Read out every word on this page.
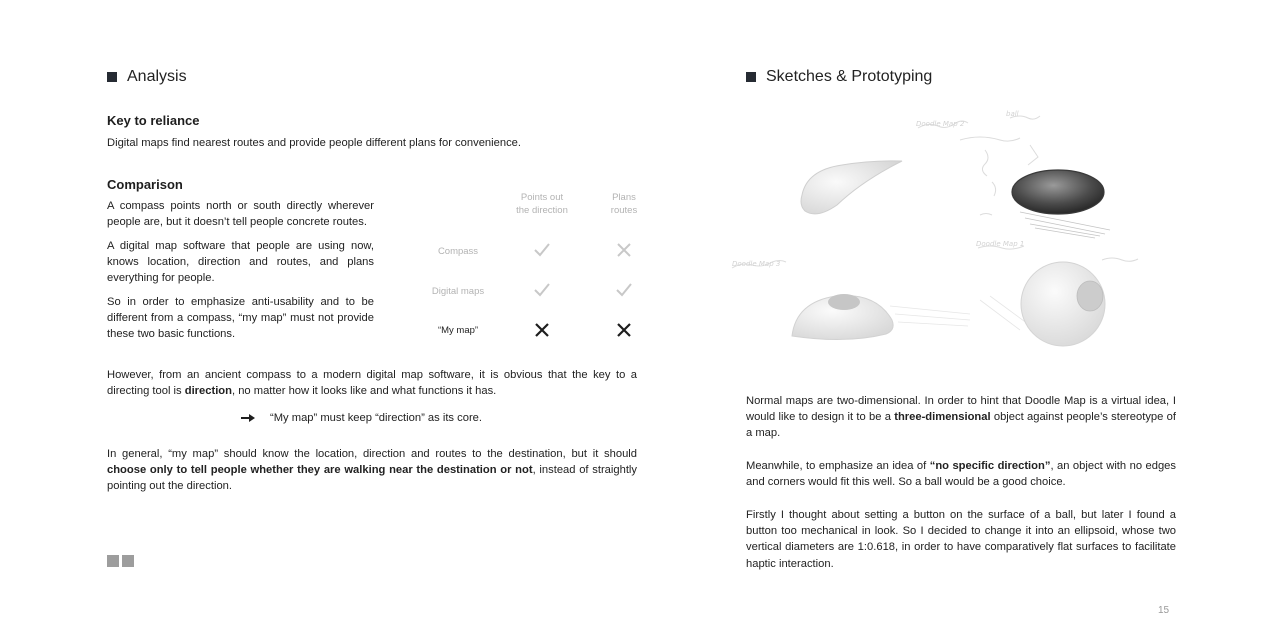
Analysis
Key to reliance
Digital maps find nearest routes and provide people different plans for convenience.
Comparison
A compass points north or south directly wherever people are, but it doesn’t tell people concrete routes.
A digital map software that people are using now, knows location, direction and routes, and plans everything for people.
So in order to emphasize anti-usability and to be different from a compass, “my map” must not provide these two basic functions.
Points out
the direction
Plans
routes
Compass
Digital maps
“My map”
However, from an ancient compass to a modern digital map software, it is obvious that the key to a directing tool is direction, no matter how it looks like and what functions it has.
“My map” must keep “direction” as its core.
In general, “my map” should know the location, direction and routes to the destination, but it should choose only to tell people whether they are walking near the destination or not, instead of straightly pointing out the direction.
Sketches & Prototyping
Doodle Map 2
Doodle Map 3
ball
Doodle Map 1
Normal maps are two-dimensional. In order to hint that Doodle Map is a virtual idea, I would like to design it to be a three-dimensional object against people’s stereotype of a map.
Meanwhile, to emphasize an idea of “no specific direction”, an object with no edges and corners would fit this well. So a ball would be a good choice.
Firstly I thought about setting a button on the surface of a ball, but later I found a button too mechanical in look. So I decided to change it into an ellipsoid, whose two vertical diameters are 1:0.618, in order to have comparatively flat surfaces to facilitate haptic interaction.
15
